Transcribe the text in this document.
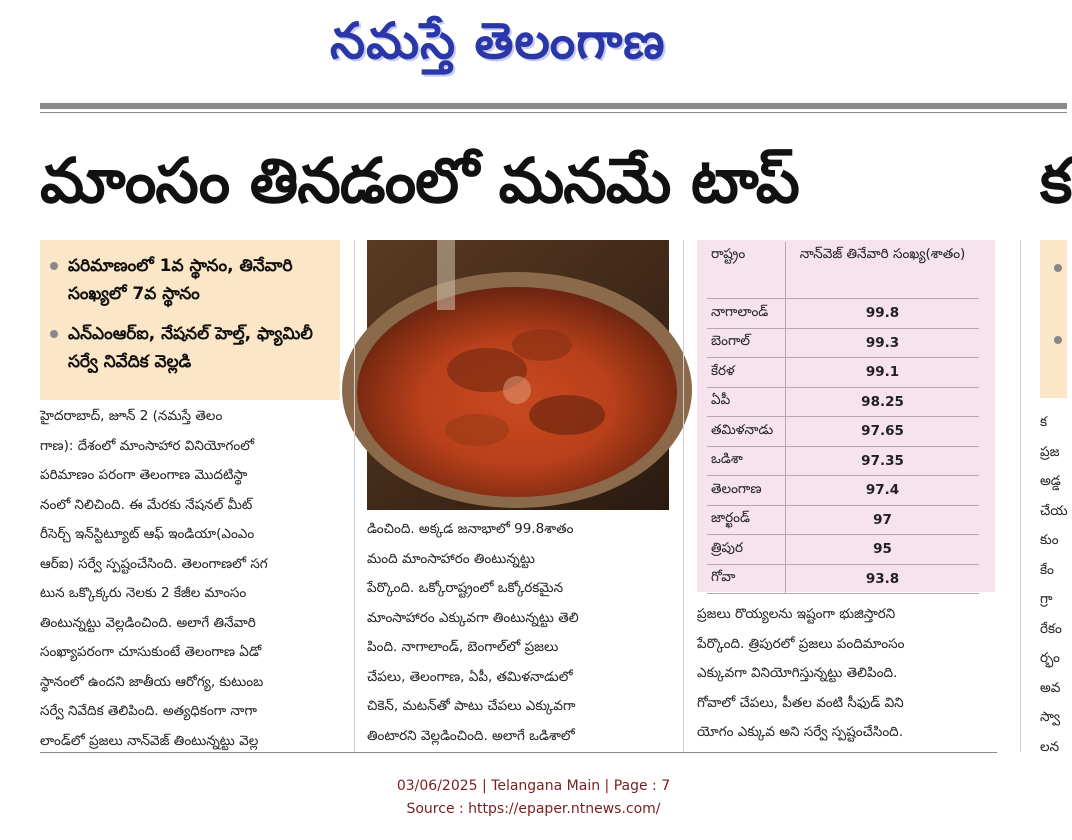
నమస్తే తెలంగాణ
మాంసం తినడంలో మనమే టాప్	క
పరిమాణంలో 1వ స్థానం, తినేవారి సంఖ్యలో 7వ స్థానం
ఎన్‌ఎంఆర్‌ఐ, నేషనల్ హెల్త్, ఫ్యామిలీ సర్వే నివేదిక వెల్లడి
హైదరాబాద్, జూన్ 2 (నమస్తే తెలం
గాణ): దేశంలో మాంసాహార వినియోగంలో
పరిమాణం పరంగా తెలంగాణ మొదటిస్థా
నంలో నిలిచింది. ఈ మేరకు నేషనల్ మీట్
రీసెర్చ్ ఇన్‌స్టిట్యూట్ ఆఫ్ ఇండియా(ఎంఎం
ఆర్‌ఐ) సర్వే స్పష్టంచేసింది. తెలంగాణలో సగ
టున ఒక్కొక్కరు నెలకు 2 కేజీల మాంసం
తింటున్నట్టు వెల్లడించింది. అలాగే తినేవారి
సంఖ్యాపరంగా చూసుకుంటే తెలంగాణ ఏడో
స్థానంలో ఉందని జాతీయ ఆరోగ్య, కుటుంబ
సర్వే నివేదిక తెలిపింది. అత్యధికంగా నాగా
లాండ్‌లో ప్రజలు నాన్‌వెజ్ తింటున్నట్టు వెల్ల
డించింది. అక్కడ జనాభాలో 99.8శాతం
మంది మాంసాహారం తింటున్నట్టు
పేర్కొంది. ఒక్కోరాష్ట్రంలో ఒక్కోరకమైన
మాంసాహారం ఎక్కువగా తింటున్నట్టు తెలి
పింది. నాగాలాండ్, బెంగాల్‌లో ప్రజలు
చేపలు, తెలంగాణ, ఏపీ, తమిళనాడులో
చికెన్, మటన్‌తో పాటు చేపలు ఎక్కువగా
తింటారని వెల్లడించింది. అలాగే ఒడిశాలో
రాష్ట్రం	నాన్‌వెజ్ తినేవారి సంఖ్య(శాతం)
నాగాలాండ్	99.8
బెంగాల్	99.3
కేరళ	99.1
ఏపీ	98.25
తమిళనాడు	97.65
ఒడిశా	97.35
తెలంగాణ	97.4
జార్ఖండ్	97
త్రిపుర	95
గోవా	93.8
ప్రజలు రొయ్యలను ఇష్టంగా భుజిస్తారని
పేర్కొంది. త్రిపురలో ప్రజలు పందిమాంసం
ఎక్కువగా వినియోగిస్తున్నట్టు తెలిపింది.
గోవాలో చేపలు, పీతల వంటి సీఫుడ్ విని
యోగం ఎక్కువ అని సర్వే స్పష్టంచేసింది.
క
ప్రజ
అడ్డ
చేయ
కుం
కేం
గ్రా
రేకం
ర్భం
అవ
స్వా
లన
03/06/2025 | Telangana Main | Page : 7
Source : https://epaper.ntnews.com/
